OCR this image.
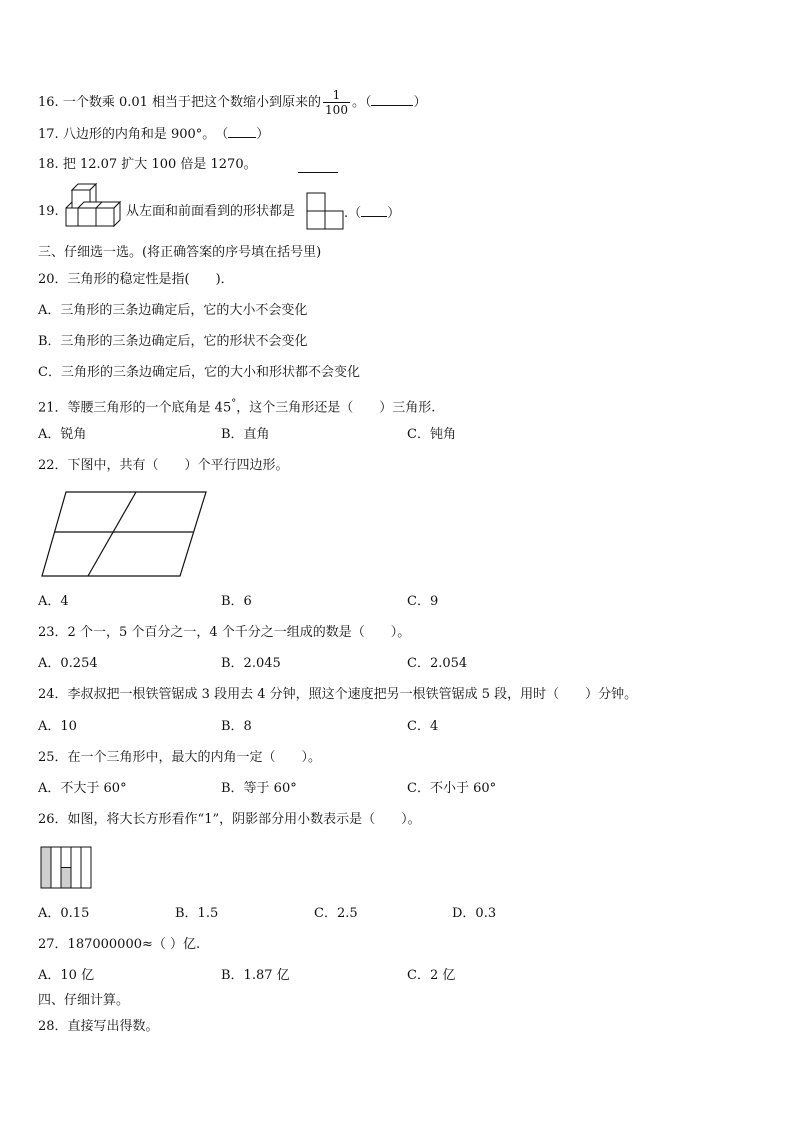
16. 一个数乘 0.01 相当于把这个数缩小到原来的 $\frac{1}{100}$ 。（	）
17. 八边形的内角和是 900°。　（ ）
18. 把 12.07 扩大 100 倍是 1270。
19.	从左面和前面看到的形状都是	.（ ）
三、仔细选一选。(将正确答案的序号填在括号里)
20．三角形的稳定性是指(　　)．
A．三角形的三条边确定后，它的大小不会变化
B．三角形的三条边确定后，它的形状不会变化
C．三角形的三条边确定后，它的大小和形状都不会变化
21．等腰三角形的一个底角是 45°，这个三角形还是（　　）三角形.
A．锐角	B．直角	C．钝角
22．下图中，共有（　　）个平行四边形。
A．4	B．6	C．9
23．2 个一，5 个百分之一，4 个千分之一组成的数是（　　）。
A．0.254	B．2.045	C．2.054
24．李叔叔把一根铁管锯成 3 段用去 4 分钟，照这个速度把另一根铁管锯成 5 段，用时（　　）分钟。
A．10	B．8	C．4
25．在一个三角形中，最大的内角一定（　　）。
A．不大于 60°	B．等于 60°	C．不小于 60°
26．如图，将大长方形看作“1”，阴影部分用小数表示是（　　）。
A．0.15	B．1.5	C．2.5	D．0.3
27．187000000≈（ ）亿.
A．10 亿	B．1.87 亿	C．2 亿
四、仔细计算。
28．直接写出得数。
